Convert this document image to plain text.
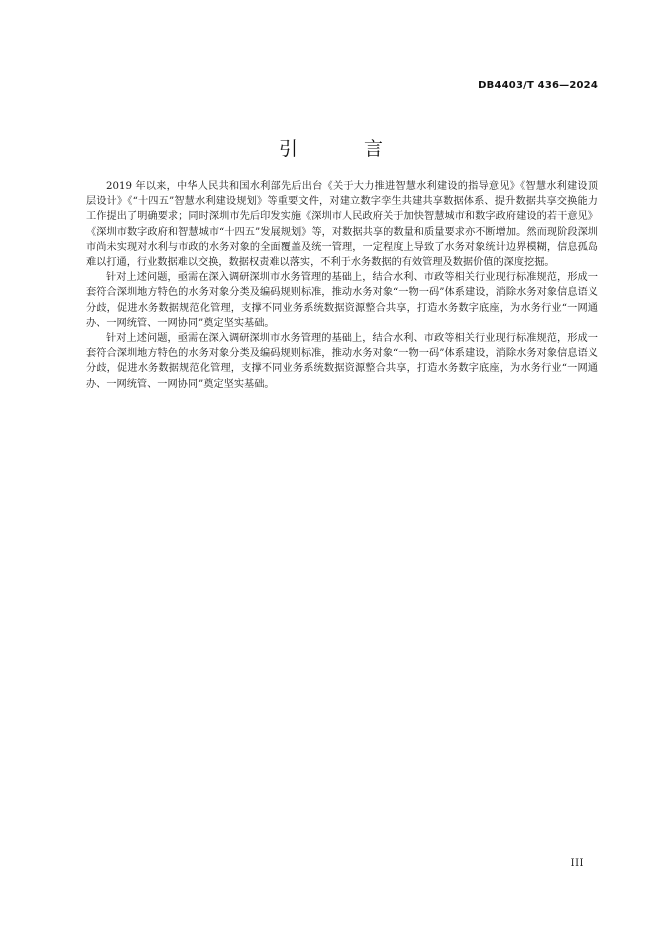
DB4403/T 436—2024
引 言

2019 年以来，中华人民共和国水利部先后出台《关于大力推进智慧水利建设的指导意见》《智慧水利建设顶层设计》《“十四五”智慧水利建设规划》等重要文件，对建立数字孪生共建共享数据体系、提升数据共享交换能力工作提出了明确要求；同时深圳市先后印发实施《深圳市人民政府关于加快智慧城市和数字政府建设的若干意见》《深圳市数字政府和智慧城市“十四五”发展规划》等，对数据共享的数量和质量要求亦不断增加。然而现阶段深圳市尚未实现对水利与市政的水务对象的全面覆盖及统一管理，一定程度上导致了水务对象统计边界模糊，信息孤岛难以打通，行业数据难以交换，数据权责难以落实，不利于水务数据的有效管理及数据价值的深度挖掘。

针对上述问题，亟需在深入调研深圳市水务管理的基础上，结合水利、市政等相关行业现行标准规范，形成一套符合深圳地方特色的水务对象分类及编码规则标准，推动水务对象“一物一码”体系建设，消除水务对象信息语义分歧，促进水务数据规范化管理，支撑不同业务系统数据资源整合共享，打造水务数字底座，为水务行业“一网通办、一网统管、一网协同”奠定坚实基础。

针对上述问题，亟需在深入调研深圳市水务管理的基础上，结合水利、市政等相关行业现行标准规范，形成一套符合深圳地方特色的水务对象分类及编码规则标准，推动水务对象“一物一码”体系建设，消除水务对象信息语义分歧，促进水务数据规范化管理，支撑不同业务系统数据资源整合共享，打造水务数字底座，为水务行业“一网通办、一网统管、一网协同”奠定坚实基础。

III
